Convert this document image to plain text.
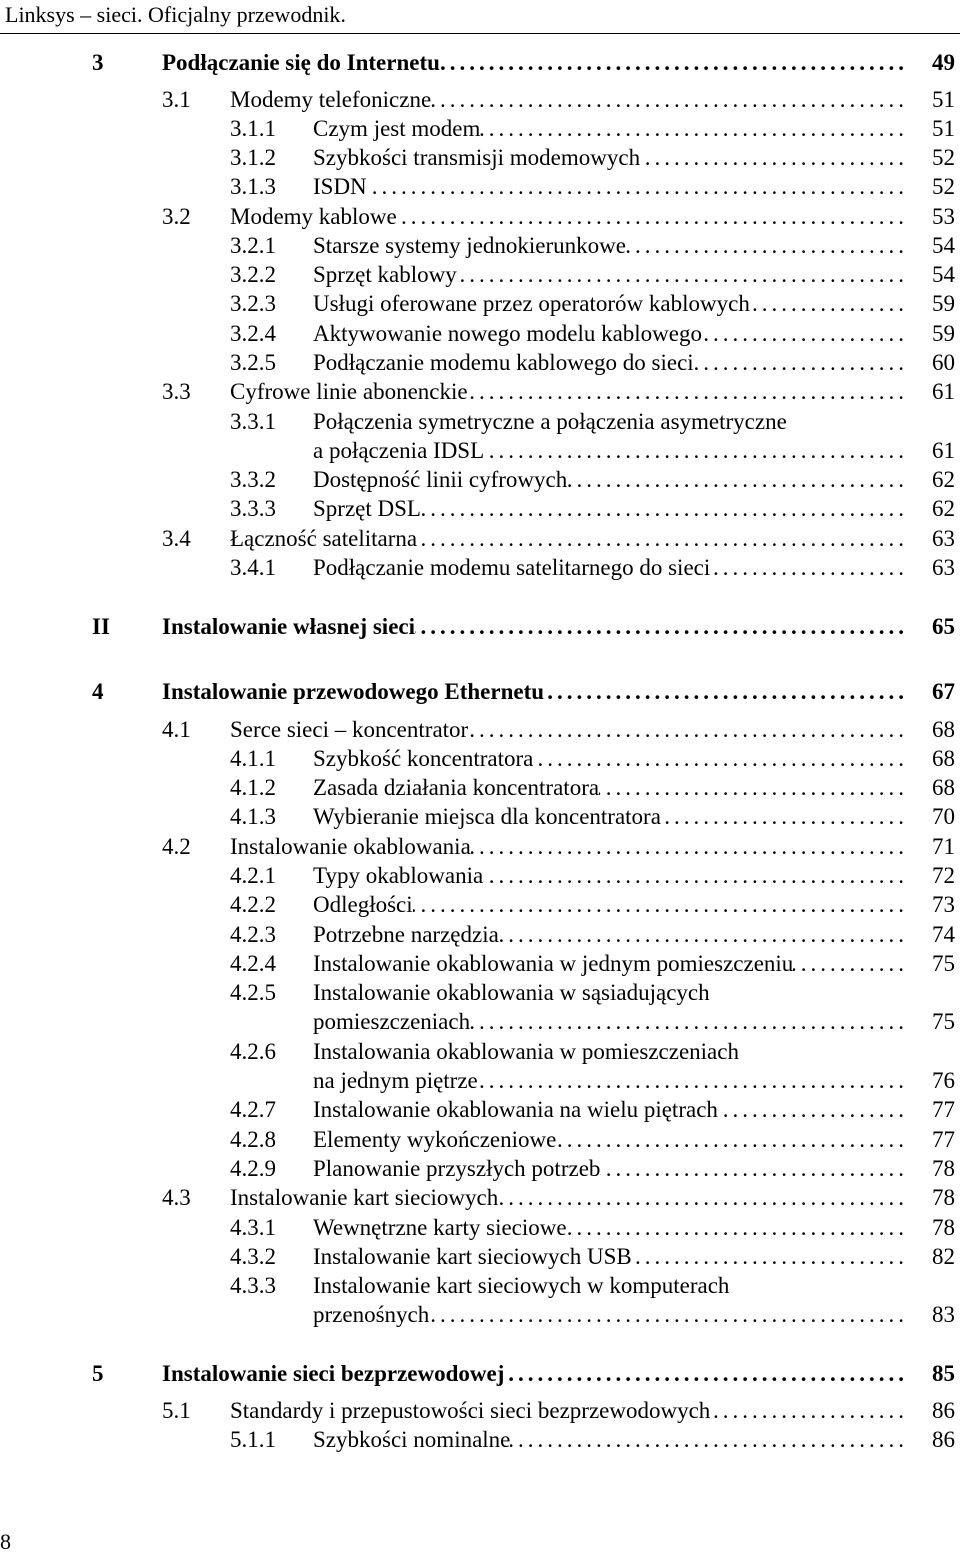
Linksys – sieci. Oficjalny przewodnik.
3	Podłączanie się do Internetu .....	49
3.1 Modemy telefoniczne .....	51
3.1.1 Czym jest modem .....	51
3.1.2 Szybkości transmisji modemowych .....	52
3.1.3 ISDN .....	52
3.2 Modemy kablowe .....	53
3.2.1 Starsze systemy jednokierunkowe .....	54
3.2.2 Sprzęt kablowy .....	54
3.2.3 Usługi oferowane przez operatorów kablowych .....	59
3.2.4 Aktywowanie nowego modelu kablowego .....	59
3.2.5 Podłączanie modemu kablowego do sieci .....	60
3.3 Cyfrowe linie abonenckie .....	61
3.3.1 Połączenia symetryczne a połączenia asymetryczne
a połączenia IDSL .....	61
3.3.2 Dostępność linii cyfrowych .....	62
3.3.3 Sprzęt DSL .....	62
3.4 Łączność satelitarna .....	63
3.4.1 Podłączanie modemu satelitarnego do sieci .....	63
II Instalowanie własnej sieci .....	65
4	Instalowanie przewodowego Ethernetu .....	67
4.1 Serce sieci – koncentrator .....	68
4.1.1 Szybkość koncentratora .....	68
4.1.2 Zasada działania koncentratora .....	68
4.1.3 Wybieranie miejsca dla koncentratora .....	70
4.2 Instalowanie okablowania .....	71
4.2.1 Typy okablowania .....	72
4.2.2 Odległości .....	73
4.2.3 Potrzebne narzędzia .....	74
4.2.4 Instalowanie okablowania w jednym pomieszczeniu .....	75
4.2.5 Instalowanie okablowania w sąsiadujących
pomieszczeniach .....	75
4.2.6 Instalowania okablowania w pomieszczeniach
na jednym piętrze .....	76
4.2.7 Instalowanie okablowania na wielu piętrach .....	77
4.2.8 Elementy wykończeniowe .....	77
4.2.9 Planowanie przyszłych potrzeb .....	78
4.3 Instalowanie kart sieciowych .....	78
4.3.1 Wewnętrzne karty sieciowe .....	78
4.3.2 Instalowanie kart sieciowych USB .....	82
4.3.3 Instalowanie kart sieciowych w komputerach
przenośnych .....	83
5	Instalowanie sieci bezprzewodowej .....	85
5.1 Standardy i przepustowości sieci bezprzewodowych .....	86
5.1.1 Szybkości nominalne .....	86
8
